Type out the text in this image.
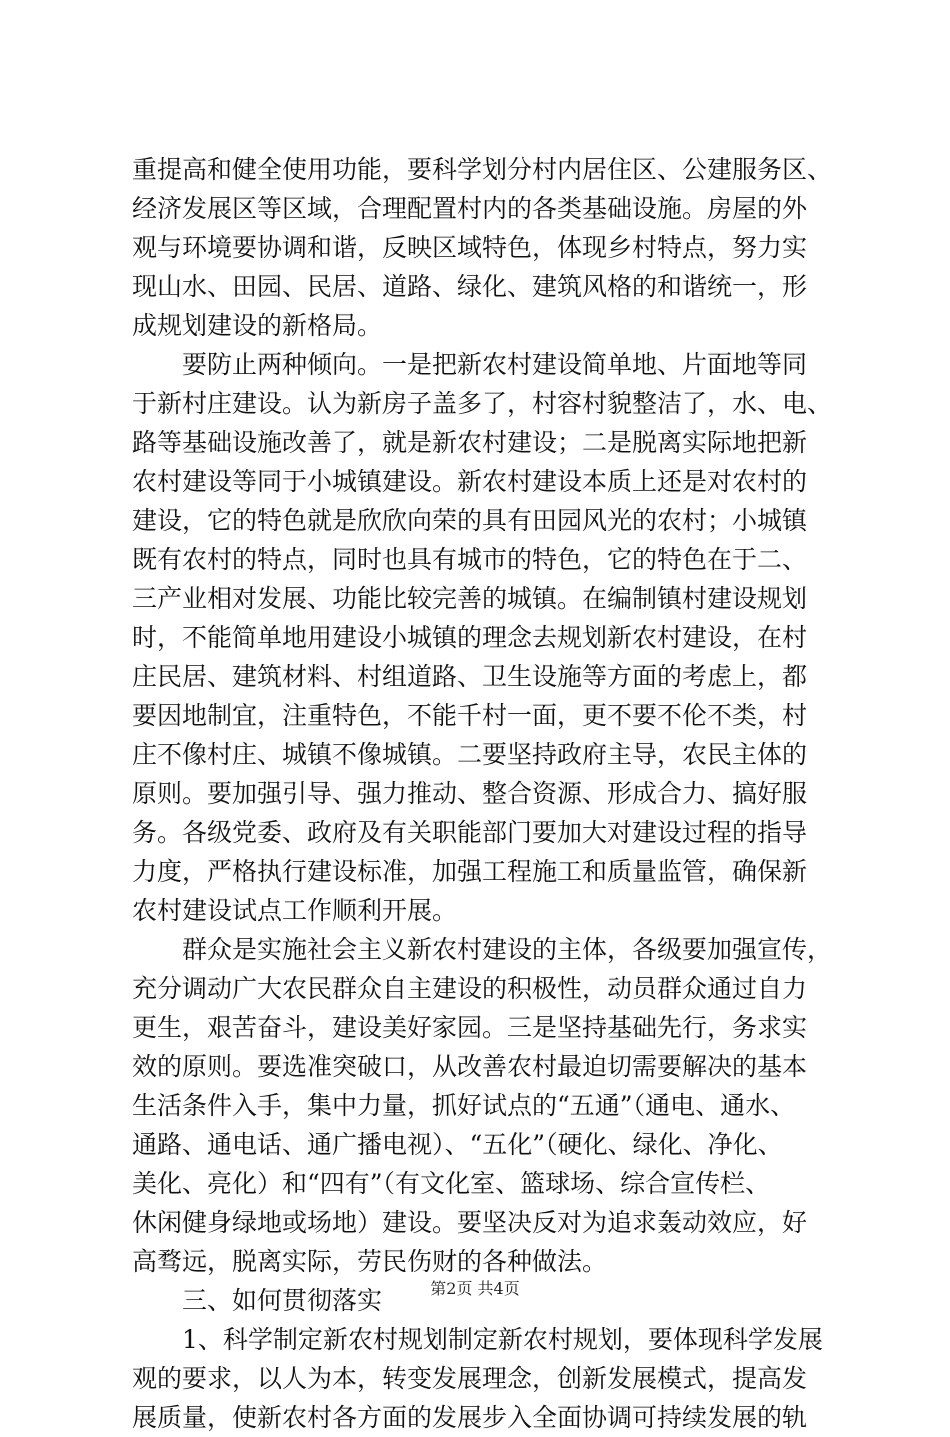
重提高和健全使用功能，要科学划分村内居住区、公建服务区、
经济发展区等区域，合理配置村内的各类基础设施。房屋的外
观与环境要协调和谐，反映区域特色，体现乡村特点，努力实
现山水、田园、民居、道路、绿化、建筑风格的和谐统一，形
成规划建设的新格局。
　　要防止两种倾向。一是把新农村建设简单地、片面地等同
于新村庄建设。认为新房子盖多了，村容村貌整洁了，水、电、
路等基础设施改善了，就是新农村建设；二是脱离实际地把新
农村建设等同于小城镇建设。新农村建设本质上还是对农村的
建设，它的特色就是欣欣向荣的具有田园风光的农村；小城镇
既有农村的特点，同时也具有城市的特色，它的特色在于二、
三产业相对发展、功能比较完善的城镇。在编制镇村建设规划
时，不能简单地用建设小城镇的理念去规划新农村建设，在村
庄民居、建筑材料、村组道路、卫生设施等方面的考虑上，都
要因地制宜，注重特色，不能千村一面，更不要不伦不类，村
庄不像村庄、城镇不像城镇。二要坚持政府主导，农民主体的
原则。要加强引导、强力推动、整合资源、形成合力、搞好服
务。各级党委、政府及有关职能部门要加大对建设过程的指导
力度，严格执行建设标准，加强工程施工和质量监管，确保新
农村建设试点工作顺利开展。
　　群众是实施社会主义新农村建设的主体，各级要加强宣传，
充分调动广大农民群众自主建设的积极性，动员群众通过自力
更生，艰苦奋斗，建设美好家园。三是坚持基础先行，务求实
效的原则。要选准突破口，从改善农村最迫切需要解决的基本
生活条件入手，集中力量，抓好试点的“五通”（通电、通水、
通路、通电话、通广播电视）、“五化”（硬化、绿化、净化、
美化、亮化）和“四有”（有文化室、篮球场、综合宣传栏、
休闲健身绿地或场地）建设。要坚决反对为追求轰动效应，好
高骛远，脱离实际，劳民伤财的各种做法。
　　三、如何贯彻落实
　　1、科学制定新农村规划制定新农村规划，要体现科学发展
观的要求，以人为本，转变发展理念，创新发展模式，提高发
展质量，使新农村各方面的发展步入全面协调可持续发展的轨
第2页 共4页
